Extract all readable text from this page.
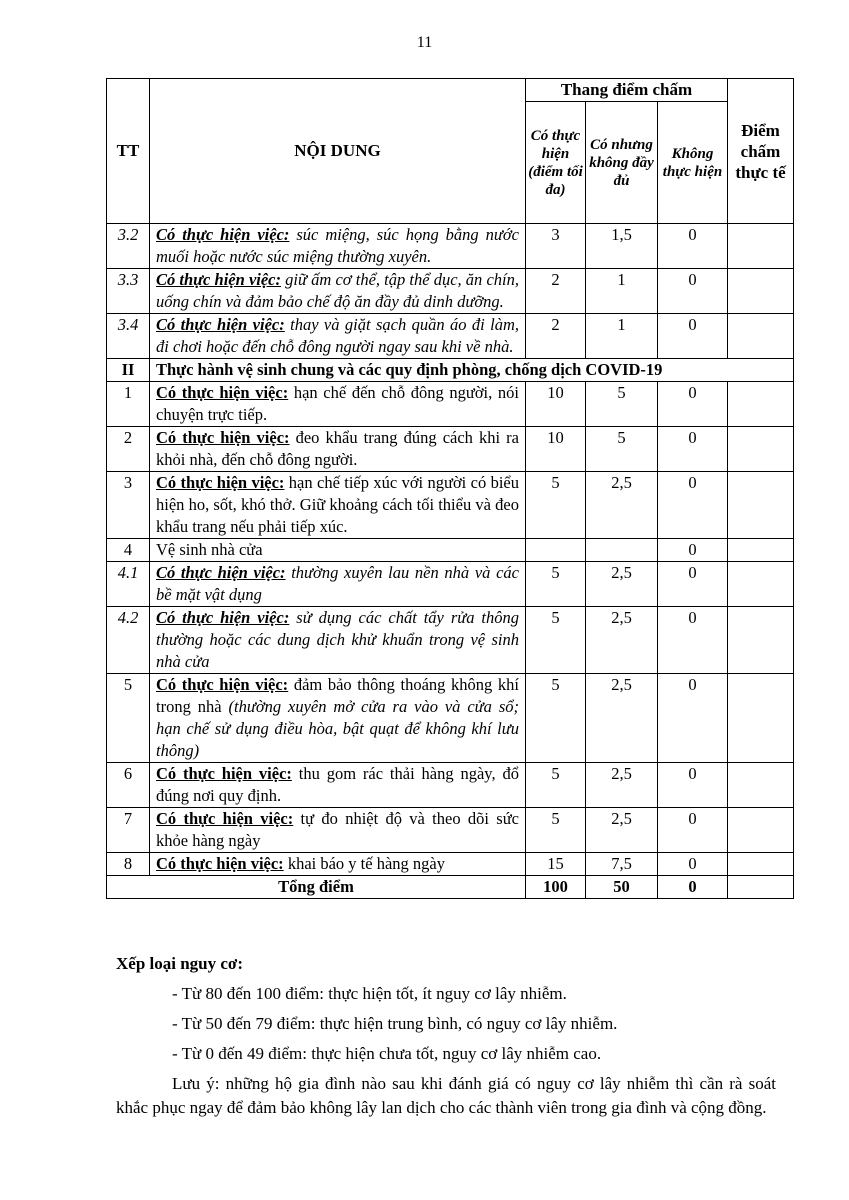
11
TT	NỘI DUNG	Thang điểm chấm			Điểm chấm thực tế
		Có thực hiện (điểm tối đa)	Có nhưng không đầy đủ	Không thực hiện	
3.2	Có thực hiện việc: súc miệng, súc họng bằng nước muối hoặc nước súc miệng thường xuyên.	3	1,5	0	
3.3	Có thực hiện việc: giữ ấm cơ thể, tập thể dục, ăn chín, uống chín và đảm bảo chế độ ăn đầy đủ dinh dưỡng.	2	1	0	
3.4	Có thực hiện việc: thay và giặt sạch quần áo đi làm, đi chơi hoặc đến chỗ đông người ngay sau khi về nhà.	2	1	0	
II	Thực hành vệ sinh chung và các quy định phòng, chống dịch COVID-19				
1	Có thực hiện việc: hạn chế đến chỗ đông người, nói chuyện trực tiếp.	10	5	0	
2	Có thực hiện việc: đeo khẩu trang đúng cách khi ra khỏi nhà, đến chỗ đông người.	10	5	0	
3	Có thực hiện việc: hạn chế tiếp xúc với người có biểu hiện ho, sốt, khó thở. Giữ khoảng cách tối thiểu và đeo khẩu trang nếu phải tiếp xúc.	5	2,5	0	
4	Vệ sinh nhà cửa			0	
4.1	Có thực hiện việc: thường xuyên lau nền nhà và các bề mặt vật dụng	5	2,5	0	
4.2	Có thực hiện việc: sử dụng các chất tẩy rửa thông thường hoặc các dung dịch khử khuẩn trong vệ sinh nhà cửa	5	2,5	0	
5	Có thực hiện việc: đảm bảo thông thoáng không khí trong nhà (thường xuyên mở cửa ra vào và cửa sổ; hạn chế sử dụng điều hòa, bật quạt để không khí lưu thông)	5	2,5	0	
6	Có thực hiện việc: thu gom rác thải hàng ngày, đổ đúng nơi quy định.	5	2,5	0	
7	Có thực hiện việc: tự đo nhiệt độ và theo dõi sức khỏe hàng ngày	5	2,5	0	
8	Có thực hiện việc: khai báo y tế hàng ngày	15	7,5	0	
Tổng điểm		100	50	0	
Xếp loại nguy cơ:
- Từ 80 đến 100 điểm: thực hiện tốt, ít nguy cơ lây nhiễm.
- Từ 50 đến 79 điểm: thực hiện trung bình, có nguy cơ lây nhiễm.
- Từ 0 đến 49 điểm: thực hiện chưa tốt, nguy cơ lây nhiễm cao.
Lưu ý: những hộ gia đình nào sau khi đánh giá có nguy cơ lây nhiễm thì cần rà soát khắc phục ngay để đảm bảo không lây lan dịch cho các thành viên trong gia đình và cộng đồng.
